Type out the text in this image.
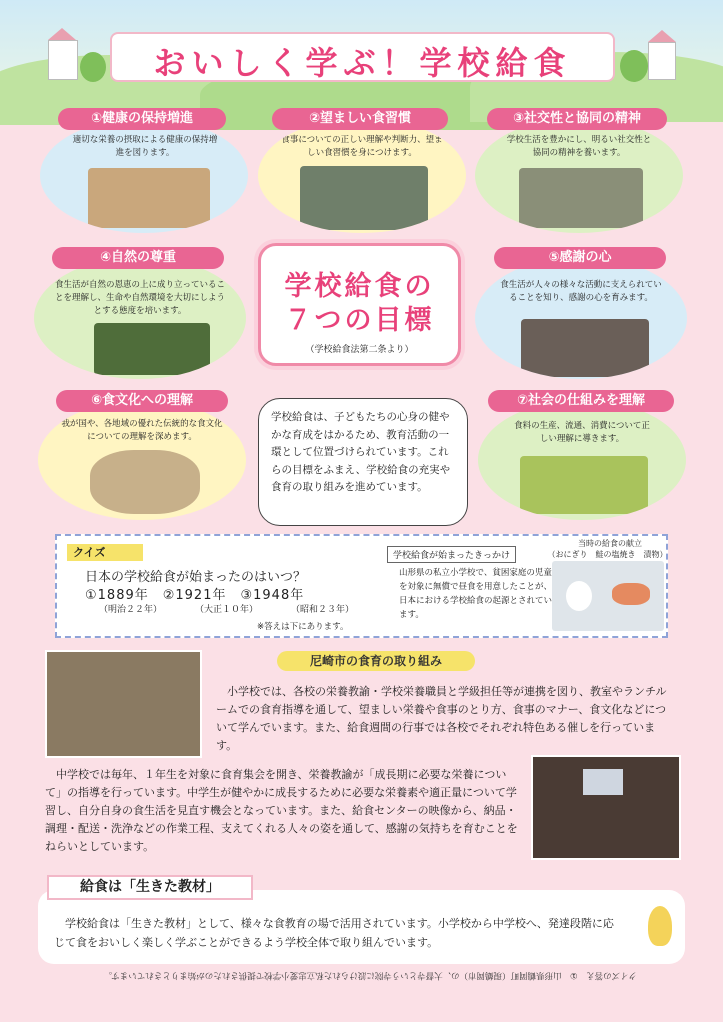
おいしく学ぶ！学校給食
適切な栄養の摂取による健康の保持増進を図ります。
①健康の保持増進
食事についての正しい理解や判断力、望ましい食習慣を身につけます。
②望ましい食習慣
学校生活を豊かにし、明るい社交性と協同の精神を養います。
③社交性と協同の精神
食生活が自然の恩恵の上に成り立っていることを理解し、生命や自然環境を大切にしようとする態度を培います。
④自然の尊重
食生活が人々の様々な活動に支えられていることを知り、感謝の心を育みます。
⑤感謝の心
我が国や、各地域の優れた伝統的な食文化についての理解を深めます。
⑥食文化への理解
食料の生産、流通、消費について正しい理解に導きます。
⑦社会の仕組みを理解
学校給食の
７つの目標
（学校給食法第二条より）
学校給食は、子どもたちの心身の健やかな育成をはかるため、教育活動の一環として位置づけられています。これらの目標をふまえ、学校給食の充実や食育の取り組みを進めています。
クイズ
日本の学校給食が始まったのはいつ？
①1889年　②1921年　③1948年
（明治２２年）	（大正１０年）	（昭和２３年）
※答えは下にあります。
学校給食が始まったきっかけ
山形県の私立小学校で、貧困家庭の児童を対象に無償で昼食を用意したことが、日本における学校給食の起源とされています。
当時の給食の献立
（おにぎり　鮭の塩焼き　漬物）
尼崎市の食育の取り組み
小学校では、各校の栄養教諭・学校栄養職員と学級担任等が連携を図り、教室やランチルームでの食育指導を通して、望ましい栄養や食事のとり方、食事のマナー、食文化などについて学んでいます。また、給食週間の行事では各校でそれぞれ特色ある催しを行っています。
中学校では毎年、１年生を対象に食育集会を開き、栄養教諭が「成長期に必要な栄養について」の指導を行っています。中学生が健やかに成長するために必要な栄養素や適正量について学習し、自分自身の食生活を見直す機会となっています。また、給食センターの映像から、納品・調理・配送・洗浄などの作業工程、支えてくれる人々の姿を通して、感謝の気持ちを育むことをねらいとしています。
学校給食は「生きた教材」として、様々な食教育の場で活用されています。小学校から中学校へ、発達段階に応じて食をおいしく楽しく学ぶことができるよう学校全体で取り組んでいます。
給食は「生きた教材」
クイズの答え　①　山形県鶴岡町（現鶴岡市）の、大督寺という寺院に設けられた私立忠愛小学校で提供されたのが始まりとされています。
